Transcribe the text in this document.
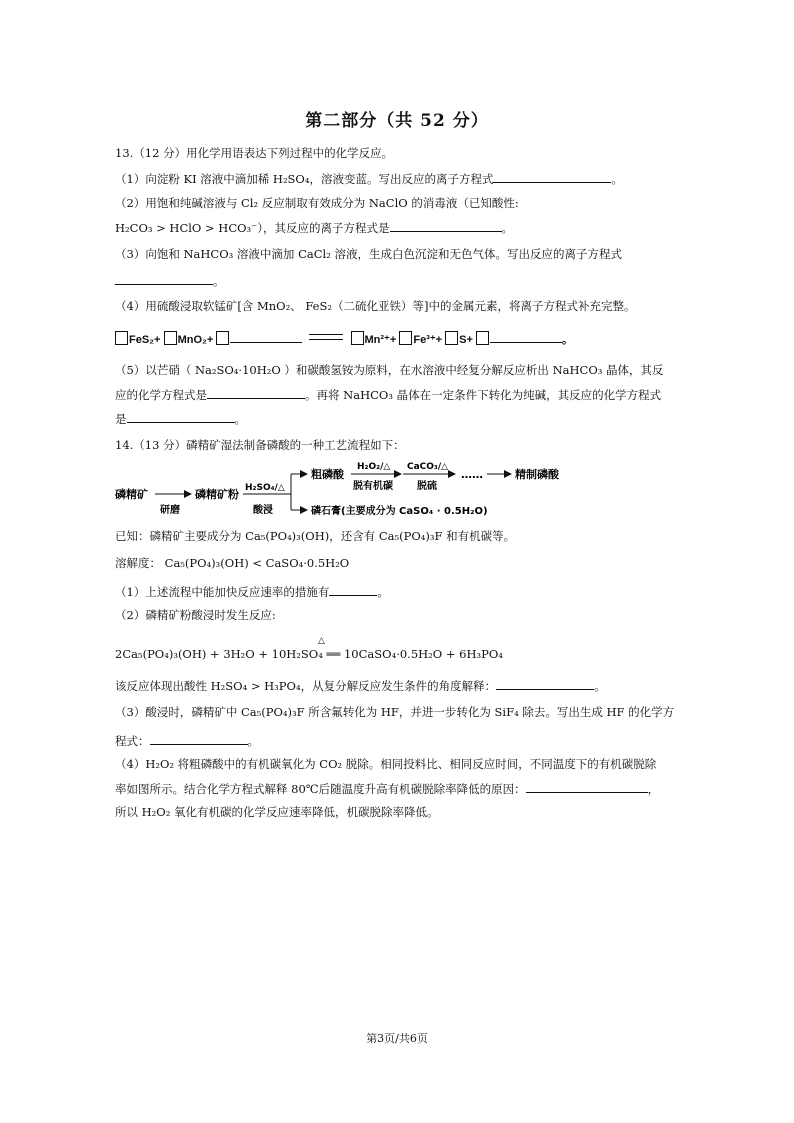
第二部分（共 52 分）
13.（12 分）用化学用语表达下列过程中的化学反应。
（1）向淀粉 KI 溶液中滴加稀 H₂SO₄，溶液变蓝。写出反应的离子方程式	。
（2）用饱和纯碱溶液与 Cl₂ 反应制取有效成分为 NaClO 的消毒液（已知酸性:
H₂CO₃ > HClO > HCO₃⁻），其反应的离子方程式是	。
（3）向饱和 NaHCO₃ 溶液中滴加 CaCl₂ 溶液，生成白色沉淀和无色气体。写出反应的离子方程式
。
（4）用硫酸浸取软锰矿[含 MnO₂、 FeS₂（二硫化亚铁）等]中的金属元素，将离子方程式补充完整。
FeS₂+ MnO₂+	Mn²⁺+ Fe³⁺+ S+	。
（5）以芒硝（ Na₂SO₄·10H₂O ）和碳酸氢铵为原料，在水溶液中经复分解反应析出 NaHCO₃ 晶体，其反
应的化学方程式是	。再将 NaHCO₃ 晶体在一定条件下转化为纯碱，其反应的化学方程式
是	。
14.（13 分）磷精矿湿法制备磷酸的一种工艺流程如下：
磷精矿
研磨
磷精矿粉 H₂SO₄/△
酸浸
粗磷酸
H₂O₂/△
脱有机碳
CaCO₃/△
脱硫
……	精制磷酸
磷石膏(主要成分为 CaSO₄ · 0.5H₂O)
已知：磷精矿主要成分为 Ca₅(PO₄)₃(OH)，还含有 Ca₅(PO₄)₃F 和有机碳等。
溶解度： Ca₅(PO₄)₃(OH) < CaSO₄·0.5H₂O
（1）上述流程中能加快反应速率的措施有	。
（2）磷精矿粉酸浸时发生反应:
△
2Ca₅(PO₄)₃(OH) + 3H₂O + 10H₂SO₄ ══ 10CaSO₄·0.5H₂O + 6H₃PO₄
该反应体现出酸性 H₂SO₄ > H₃PO₄，从复分解反应发生条件的角度解释：	。
（3）酸浸时，磷精矿中 Ca₅(PO₄)₃F 所含氟转化为 HF，并进一步转化为 SiF₄ 除去。写出生成 HF 的化学方
程式：	。
（4）H₂O₂ 将粗磷酸中的有机碳氧化为 CO₂ 脱除。相同投料比、相同反应时间，不同温度下的有机碳脱除
率如图所示。结合化学方程式解释 80℃后随温度升高有机碳脱除率降低的原因：	，
所以 H₂O₂ 氧化有机碳的化学反应速率降低，机碳脱除率降低。
第3页/共6页
